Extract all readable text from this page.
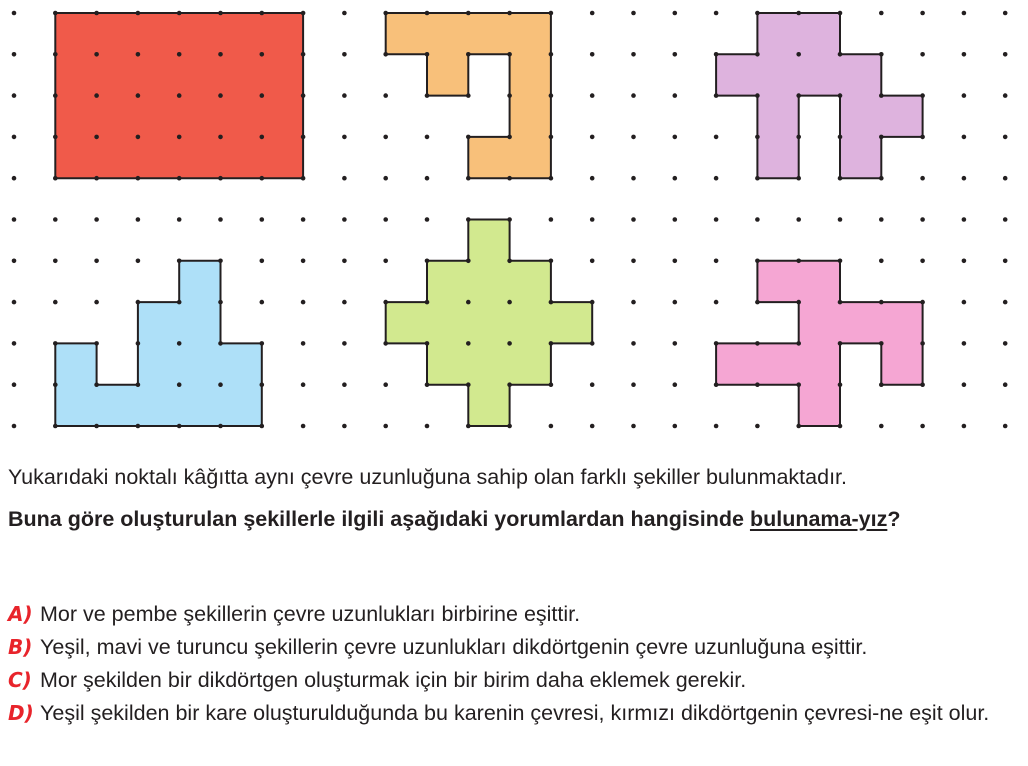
Yukarıdaki noktalı kâğıtta aynı çevre uzunluğuna sahip olan farklı şekiller bulunmaktadır.

Buna göre oluşturulan şekillerle ilgili aşağıdaki yorumlardan hangisinde bulunama-yız?

A) Mor ve pembe şekillerin çevre uzunlukları birbirine eşittir.
B) Yeşil, mavi ve turuncu şekillerin çevre uzunlukları dikdörtgenin çevre uzunluğuna eşittir.
C) Mor şekilden bir dikdörtgen oluşturmak için bir birim daha eklemek gerekir.
D) Yeşil şekilden bir kare oluşturulduğunda bu karenin çevresi, kırmızı dikdörtgenin çevresi-ne eşit olur.
